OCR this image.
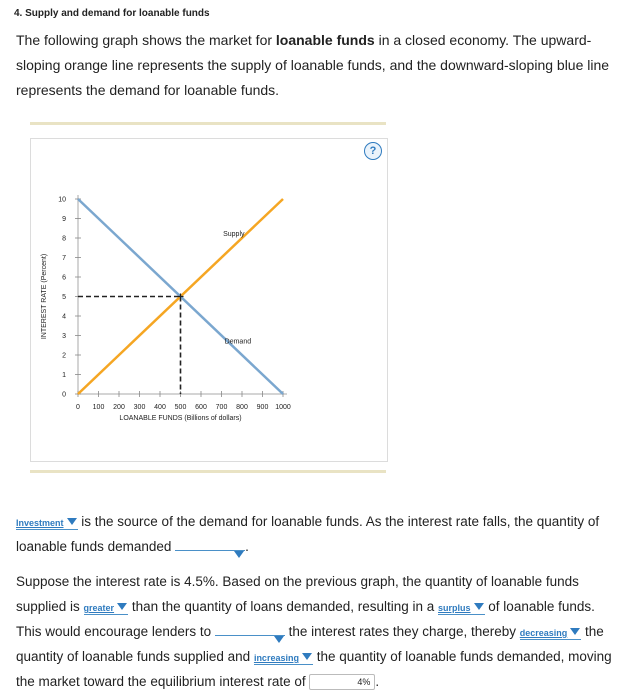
4. Supply and demand for loanable funds
The following graph shows the market for loanable funds in a closed economy. The upward-sloping orange line represents the supply of loanable funds, and the downward-sloping blue line represents the demand for loanable funds.
?
0
1
2
3
4
5
6
7
8
9
10
0 100 200 300 400 500 600 700 800 900 1000
LOANABLE FUNDS (Billions of dollars)
INTEREST RATE (Percent)
Supply
Demand
Investment
is the source of the demand for loanable funds. As the interest rate falls, the quantity of loanable funds demanded	.
Suppose the interest rate is 4.5%. Based on the previous graph, the quantity of loanable funds supplied is greater
than the quantity of loans demanded, resulting in a surplus
of loanable funds. This would encourage lenders to	the interest rates they charge, thereby decreasing
the quantity of loanable funds supplied and increasing
the quantity of loanable funds demanded, moving the market toward the equilibrium interest rate of	4% .
